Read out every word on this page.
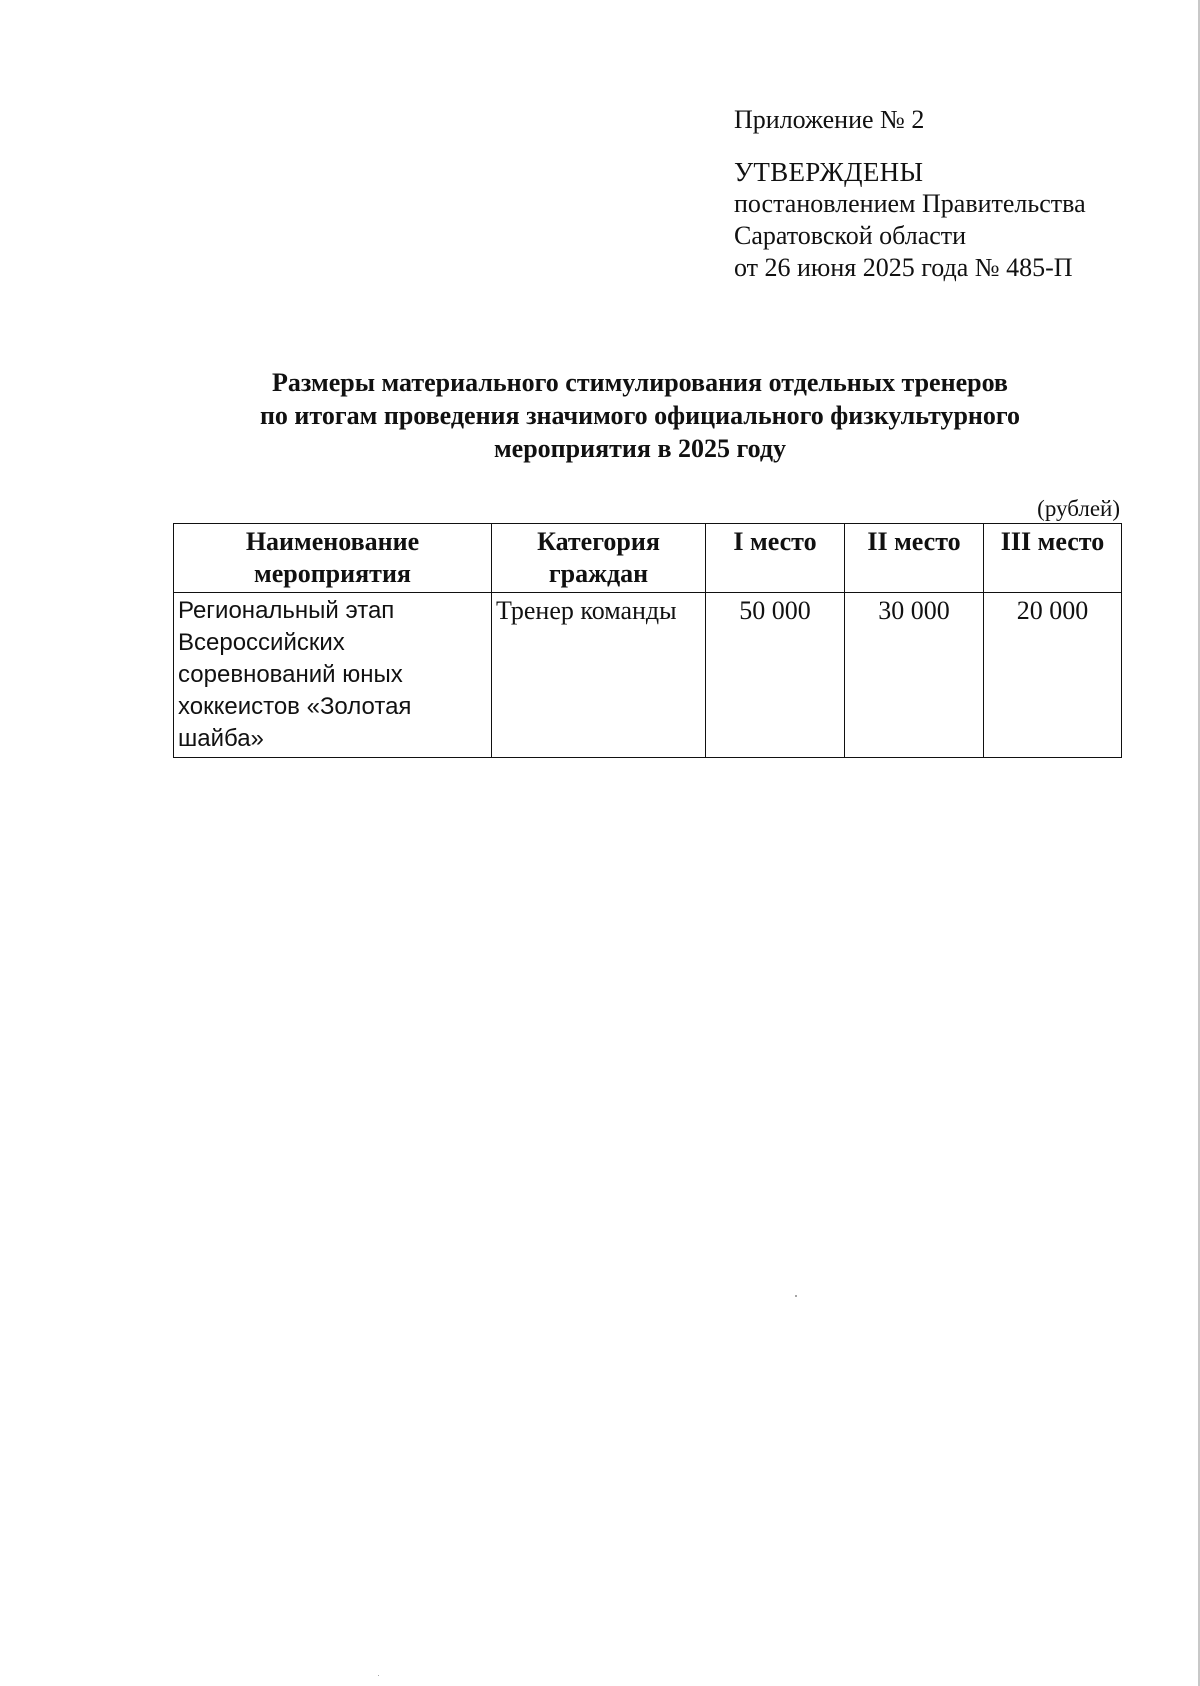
Приложение № 2
УТВЕРЖДЕНЫ
постановлением Правительства
Саратовской области
от 26 июня 2025 года № 485-П
Размеры материального стимулирования отдельных тренеров
по итогам проведения значимого официального физкультурного
мероприятия в 2025 году
(рублей)
Наименование мероприятия	Категория граждан	I место	II место	III место
Региональный этап Всероссийских соревнований юных хоккеистов «Золотая шайба»	Тренер команды	50 000	30 000	20 000
